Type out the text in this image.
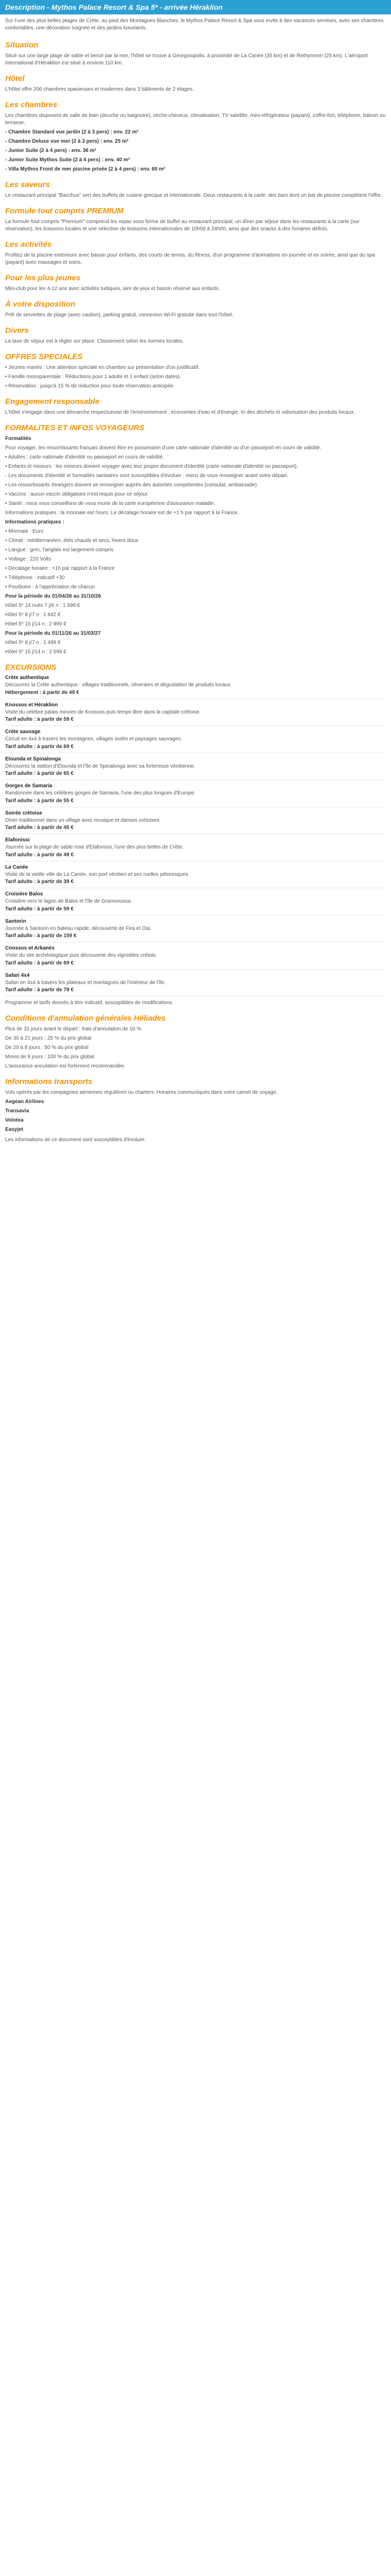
Description - Mythos Palace Resort & Spa 5* - arrivée Héraklion
Sur l'une des plus belles plages de Crète, au pied des Montagnes Blanches, le Mythos Palace Resort & Spa vous invite à des vacances sereines, avec ses chambres confortables, une décoration soignée et des jardins luxuriants.
Situation

Situé sur une large plage de sable et bercé par la mer, l'hôtel se trouve à Georgioupolis, à proximité de La Canée (35 km) et de Rethymnon (25 km). L'aéroport international d'Héraklion est situé à environ 110 km.

Hôtel

L'hôtel offre 206 chambres spacieuses et modernes dans 3 bâtiments de 2 étages.

Les chambres

Les chambres disposent de salle de bain (douche ou baignoire), sèche-cheveux, climatisation, TV satellite, mini-réfrigérateur (payant), coffre-fort, téléphone, balcon ou terrasse.

- Chambre Standard vue jardin (2 à 3 pers) : env. 22 m²

- Chambre Deluxe vue mer (2 à 3 pers) : env. 25 m²

- Junior Suite (2 à 4 pers) : env. 36 m²

- Junior Suite Mythos Suite (2 à 4 pers) : env. 40 m²

- Villa Mythos Front de mer piscine privée (2 à 4 pers) : env. 60 m²

Les saveurs

Le restaurant principal "Bacchus" sert des buffets de cuisine grecque et internationale. Deux restaurants à la carte, des bars dont un bar de piscine complètent l'offre.

Formule tout compris PREMIUM

La formule tout compris "Premium" comprend les repas sous forme de buffet au restaurant principal, un dîner par séjour dans les restaurants à la carte (sur réservation), les boissons locales et une sélection de boissons internationales de 10h00 à 24h00, ainsi que des snacks à des horaires définis.

Les activités

Profitez de la piscine extérieure avec bassin pour enfants, des courts de tennis, du fitness, d'un programme d'animations en journée et en soirée, ainsi que du spa (payant) avec massages et soins.

Pour les plus jeunes

Mini-club pour les 4-12 ans avec activités ludiques, aire de jeux et bassin réservé aux enfants.

À votre disposition

Prêt de serviettes de plage (avec caution), parking gratuit, connexion Wi-Fi gratuite dans tout l'hôtel.

Divers

La taxe de séjour est à régler sur place. Classement selon les normes locales.

OFFRES SPECIALES

• Jeunes mariés : Une attention spéciale en chambre sur présentation d'un justificatif.

• Famille monoparentale : Réductions pour 1 adulte et 1 enfant (selon dates).

• Réservation : jusqu'à 15 % de réduction pour toute réservation anticipée.

Engagement responsable

L'hôtel s'engage dans une démarche respectueuse de l'environnement : économies d'eau et d'énergie, tri des déchets et valorisation des produits locaux.

FORMALITES ET INFOS VOYAGEURS

Formalités

Pour voyager, les ressortissants français doivent être en possession d'une carte nationale d'identité ou d'un passeport en cours de validité.

• Adultes : carte nationale d'identité ou passeport en cours de validité.

• Enfants et mineurs : les mineurs doivent voyager avec leur propre document d'identité (carte nationale d'identité ou passeport).

- Les documents d'identité et formalités sanitaires sont susceptibles d'évoluer : merci de vous renseigner avant votre départ.

• Les ressortissants étrangers doivent se renseigner auprès des autorités compétentes (consulat, ambassade).

• Vaccins : aucun vaccin obligatoire n'est requis pour ce séjour.

• Santé : nous vous conseillons de vous munir de la carte européenne d'assurance maladie.

Informations pratiques : la monnaie est l'euro. Le décalage horaire est de +1 h par rapport à la France.

Informations pratiques :

• Monnaie : Euro

• Climat : méditerranéen, étés chauds et secs, hivers doux

• Langue : grec, l'anglais est largement compris

• Voltage : 220 Volts

• Décalage horaire : +1h par rapport à la France

• Téléphone : indicatif +30

• Pourboire : à l'appréciation de chacun

Pour la période du 01/04/26 au 31/10/26

Hôtel 5* 14 nuits 7 j/6 n : 1 699 €

Hôtel 5* 8 j/7 n : 1 842 €

Hôtel 5* 15 j/14 n : 2 999 €

Pour la période du 01/11/26 au 31/03/27

Hôtel 5* 8 j/7 n : 1 499 €

Hôtel 5* 15 j/14 n : 2 599 €

EXCURSIONS
Crète authentique
Découvrez la Crète authentique : villages traditionnels, oliveraies et dégustation de produits locaux.
Hébergement : à partir de 49 €
Knossos et Héraklion
Visite du célèbre palais minoen de Knossos puis temps libre dans la capitale crétoise.
Tarif adulte : à partir de 59 €
Crète sauvage
Circuit en 4x4 à travers les montagnes, villages isolés et paysages sauvages.
Tarif adulte : à partir de 69 €
Elounda et Spinalonga
Découvrez la station d'Elounda et l'île de Spinalonga avec sa forteresse vénitienne.
Tarif adulte : à partir de 65 €
Gorges de Samaria
Randonnée dans les célèbres gorges de Samaria, l'une des plus longues d'Europe.
Tarif adulte : à partir de 55 €
Soirée crétoise
Dîner traditionnel dans un village avec musique et danses crétoises.
Tarif adulte : à partir de 45 €
Elafonissi
Journée sur la plage de sable rose d'Elafonissi, l'une des plus belles de Crète.
Tarif adulte : à partir de 49 €
La Canée
Visite de la vieille ville de La Canée, son port vénitien et ses ruelles pittoresques.
Tarif adulte : à partir de 39 €
Croisière Balos
Croisière vers le lagon de Balos et l'île de Gramvoussa.
Tarif adulte : à partir de 59 €
Santorin
Journée à Santorin en bateau rapide, découverte de Fira et Oia.
Tarif adulte : à partir de 159 €
Cnossos et Arkanès
Visite du site archéologique puis découverte des vignobles crétois.
Tarif adulte : à partir de 69 €
Safari 4x4
Safari en 4x4 à travers les plateaux et montagnes de l'intérieur de l'île.
Tarif adulte : à partir de 79 €

Programme et tarifs donnés à titre indicatif, susceptibles de modifications.

Conditions d'annulation générales Héliades

Plus de 31 jours avant le départ : frais d'annulation de 10 %

De 30 à 21 jours : 25 % du prix global

De 20 à 8 jours : 50 % du prix global

Moins de 8 jours : 100 % du prix global

L'assurance annulation est fortement recommandée.

Informations transports

Vols opérés par les compagnies aériennes régulières ou charters. Horaires communiqués dans votre carnet de voyage.

Aegean Airlines

Transavia

Volotea

Easyjet

Les informations de ce document sont susceptibles d'évoluer.
